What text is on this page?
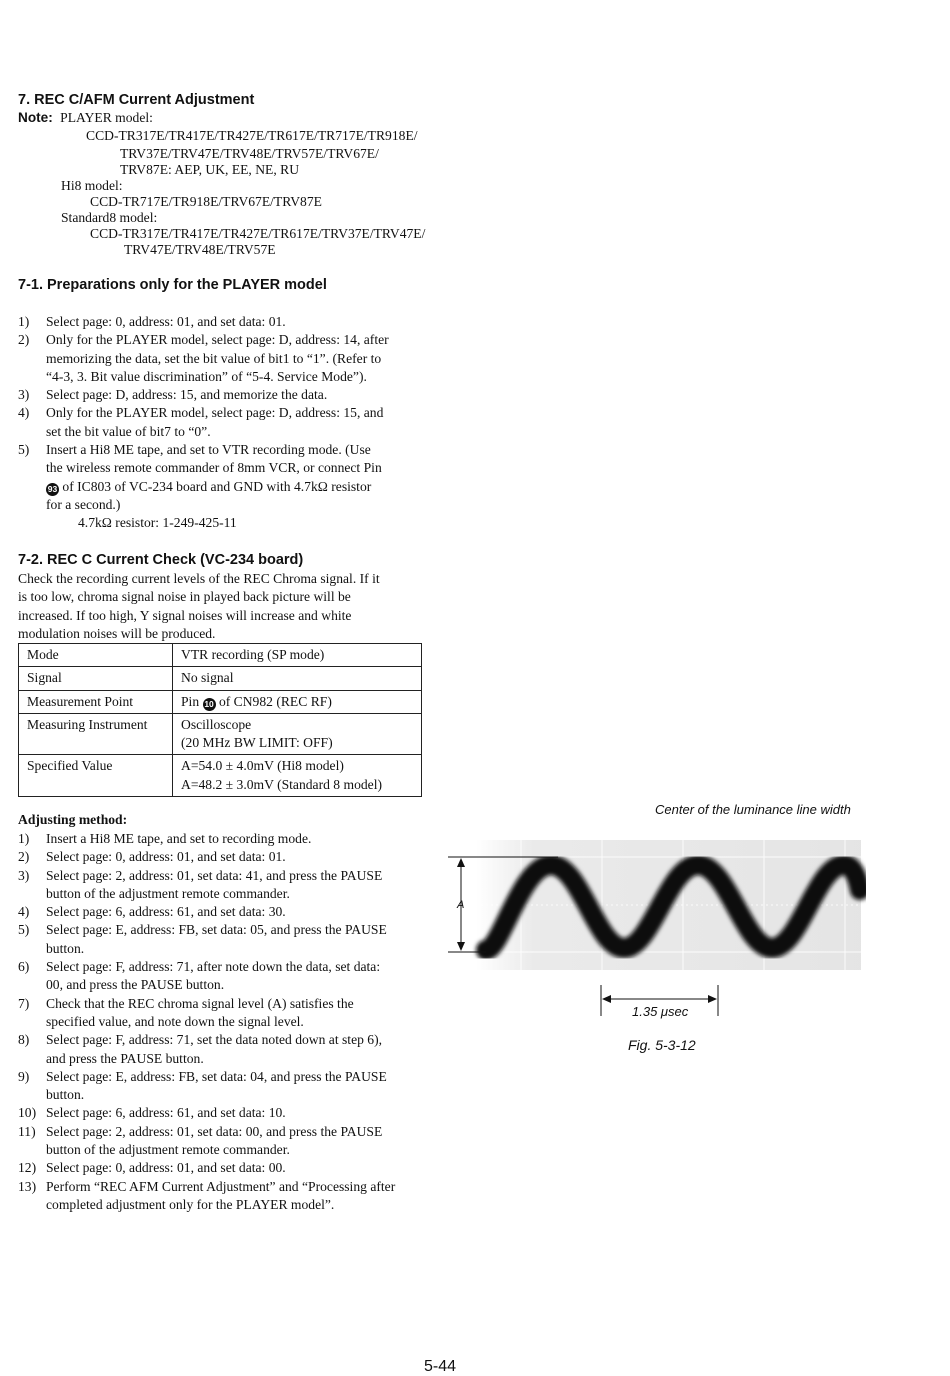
7. REC C/AFM Current Adjustment
Note: PLAYER model:
CCD-TR317E/TR417E/TR427E/TR617E/TR717E/TR918E/
TRV37E/TRV47E/TRV48E/TRV57E/TRV67E/
TRV87E: AEP, UK, EE, NE, RU
Hi8 model:
CCD-TR717E/TR918E/TRV67E/TRV87E
Standard8 model:
CCD-TR317E/TR417E/TR427E/TR617E/TRV37E/TRV47E/
TRV47E/TRV48E/TRV57E
7-1. Preparations only for the PLAYER model
1) Select page: 0, address: 01, and set data: 01.
2) Only for the PLAYER model, select page: D, address: 14, after
memorizing the data, set the bit value of bit1 to “1”. (Refer to
“4-3, 3. Bit value discrimination” of “5-4. Service Mode”).
3) Select page: D, address: 15, and memorize the data.
4) Only for the PLAYER model, select page: D, address: 15, and
set the bit value of bit7 to “0”.
5) Insert a Hi8 ME tape, and set to VTR recording mode. (Use
the wireless remote commander of 8mm VCR, or connect Pin
93 of IC803 of VC-234 board and GND with 4.7kΩ resistor
for a second.)
4.7kΩ resistor: 1-249-425-11
7-2. REC C Current Check (VC-234 board)
Check the recording current levels of the REC Chroma signal. If it
is too low, chroma signal noise in played back picture will be
increased. If too high, Y signal noises will increase and white
modulation noises will be produced.
Mode	VTR recording (SP mode)
Signal	No signal
Measurement Point	Pin 10 of CN982 (REC RF)
Measuring Instrument	Oscilloscope
(20 MHz BW LIMIT: OFF)

Specified Value	A=54.0 ± 4.0mV (Hi8 model)
A=48.2 ± 3.0mV (Standard 8 model)
Adjusting method:
1) Insert a Hi8 ME tape, and set to recording mode.
2) Select page: 0, address: 01, and set data: 01.
3) Select page: 2, address: 01, set data: 41, and press the PAUSE
button of the adjustment remote commander.
4) Select page: 6, address: 61, and set data: 30.
5) Select page: E, address: FB, set data: 05, and press the PAUSE
button.
6) Select page: F, address: 71, after note down the data, set data:
00, and press the PAUSE button.
7) Check that the REC chroma signal level (A) satisfies the
specified value, and note down the signal level.
8) Select page: F, address: 71, set the data noted down at step 6),
and press the PAUSE button.
9) Select page: E, address: FB, set data: 04, and press the PAUSE
button.
10) Select page: 6, address: 61, and set data: 10.
11) Select page: 2, address: 01, set data: 00, and press the PAUSE
button of the adjustment remote commander.
12) Select page: 0, address: 01, and set data: 00.
13) Perform “REC AFM Current Adjustment” and “Processing after
completed adjustment only for the PLAYER model”.
Center of the luminance line width
A
1.35 μsec
Fig. 5-3-12
5-44
